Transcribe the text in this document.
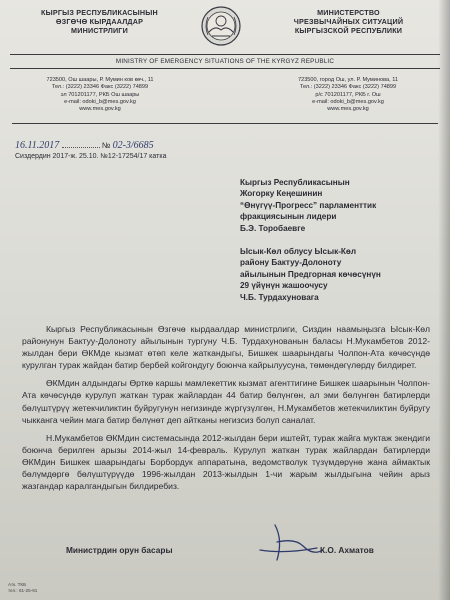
КЫРГЫЗ РЕСПУБЛИКАСЫНЫН
ӨЗГӨЧӨ КЫРДААЛДАР
МИНИСТРЛИГИ
МИНИСТЕРСТВО
ЧРЕЗВЫЧАЙНЫХ СИТУАЦИЙ
КЫРГЫЗСКОЙ РЕСПУБЛИКИ
MINISTRY OF EMERGENCY SITUATIONS OF THE KYRGYZ REPUBLIC
723500, Ош шаары, Р. Мумин ков кѳч., 11
Тел.: (3222) 23346 Факс (3222) 74899
эл 701201177, РКБ Ош шаары
e-mail: odoki_b@mes.gov.kg
www.mes.gov.kg
723500, город Ош, ул. Р. Муминова, 11
Тел.: (3222) 23346 Факс (3222) 74899
р/с 701201177, РКБ г. Ош
e-mail: odoki_b@mes.gov.kg
www.mes.gov.kg
16.11.2017	№ 02-3/6685
Сиздердин 2017-ж. 25.10. №12-17254/17 катка
Кыргыз Республикасынын
Жогорку Кеңешинин
“Өнүгүү-Прогресс” парламенттик
фракциясынын лидери
Б.Э. Торобаевге
Ысык-Көл облусу Ысык-Көл
району Бактуу-Долоноту
айылынын Предгорная көчөсүнүн
29 үйүнүн жашоочусу
Ч.Б. Турдахуновага

Кыргыз Республикасынын Өзгөчө кырдаалдар министрлиги, Сиздин наамыңызга Ысык-Көл районунун Бактуу-Долоноту айылынын тургуну Ч.Б. Турдахунованын баласы Н.Мукамбетов 2012-жылдан бери ӨКМде кызмат өтөп келе жаткандыгы, Бишкек шаарындагы Чолпон-Ата көчөсүндө курулган турак жайдан батир бербей койгондугу боюнча кайрылуусуна, төмөндөгүлөрдү билдирет.

ӨКМдин алдындагы Өрткө каршы мамлекеттик кызмат агенттигине Бишкек шаарынын Чолпон-Ата көчөсүндө курулуп жаткан турак жайлардан 44 батир бөлүнгөн, ал эми бөлүнгөн батирлерди бөлүштүрүү жетекчиликтин буйругунун негизинде жүргүзүлгөн, Н.Мукамбетов жетекчиликтин буйругу чыкканга чейин мага батир бөлүнөт деп айтканы негизсиз болуп саналат.

Н.Мукамбетов ӨКМдин системасында 2012-жылдан бери иштейт, турак жайга муктаж экендиги боюнча берилген арызы 2014-жыл 14-февраль. Курулуп жаткан турак жайлардан батирлерди ӨКМдин Бишкек шаарындагы Борбордук аппаратына, ведомстволук түзүмдөрүнө жана аймактык бөлүмдөргө бөлүштүрүүдө 1996-жылдан 2013-жылдын 1-чи жарым жылдыгына чейин арыз жазгандар каралгандыгын билдиребиз.

Министрдин орун басары	К.О. Ахматов
Атк. ТКБ
тел.: 61-25-91
